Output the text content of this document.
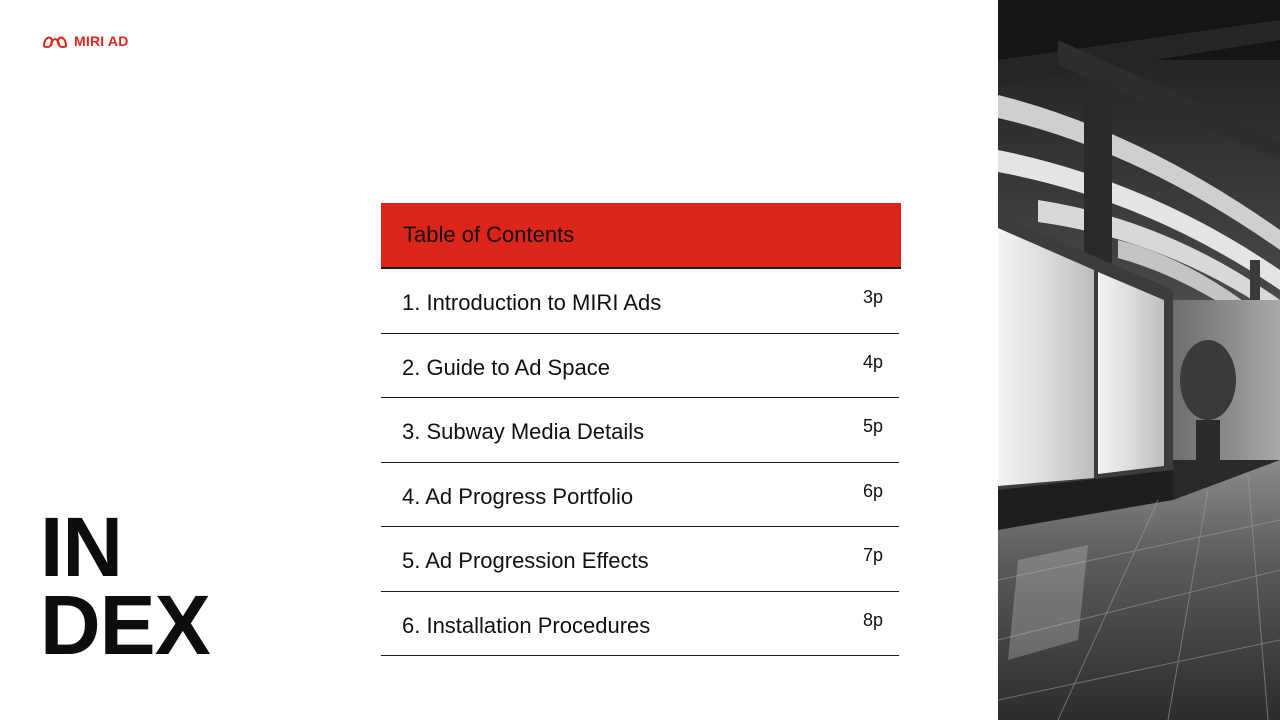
MIRI AD
IN
DEX
Table of Contents
1. Introduction to MIRI Ads	3p
2. Guide to Ad Space	4p
3. Subway Media Details	5p
4. Ad Progress Portfolio	6p
5. Ad Progression Effects	7p
6. Installation Procedures	8p
